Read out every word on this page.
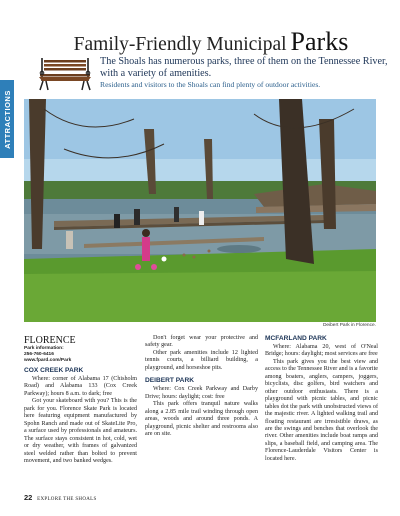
ATTRACTIONS
Family-Friendly Municipal Parks
The Shoals has numerous parks, three of them on the Tennessee River, with a variety of amenities.
Residents and visitors to the Shoals can find plenty of outdoor activities.
Deibert Park in Florence.
FLORENCE
Park information:
256-760-6416
www.fpard.com/Park
COX CREEK PARK

Where: corner of Alabama 17 (Chisholm Road) and Alabama 133 (Cox Creek Parkway); hours 8 a.m. to dark; free

Got your skateboard with you? This is the park for you. Florence Skate Park is located here featuring equipment manufactured by Spohn Ranch and made out of SkateLite Pro, a surface used by professionals and amateurs. The surface stays consistent in hot, cold, wet or dry weather, with frames of galvanized steel welded rather than bolted to prevent movement, and two banked wedges.

Don't forget wear your protective and safety gear.

Other park amenities include 12 lighted tennis courts, a billiard building, a playground, and horseshoe pits.

DEIBERT PARK

Where: Cox Creek Parkway and Darby Drive; hours: daylight; cost: free

This park offers tranquil nature walks along a 2.85 mile trail winding through open areas, woods and around three ponds. A playground, picnic shelter and restrooms also are on site.

MCFARLAND PARK

Where: Alabama 20, west of O'Neal Bridge; hours: daylight; most services are free

This park gives you the best view and access to the Tennessee River and is a favorite among boaters, anglers, campers, joggers, bicyclists, disc golfers, bird watchers and other outdoor enthusiasts. There is a playground with picnic tables, and picnic tables dot the park with unobstructed views of the majestic river. A lighted walking trail and floating restaurant are irresistible draws, as are the swings and benches that overlook the river. Other amenities include boat ramps and slips, a baseball field, and camping area. The Florence-Lauderdale Visitors Center is located here.

22 EXPLORE THE SHOALS
